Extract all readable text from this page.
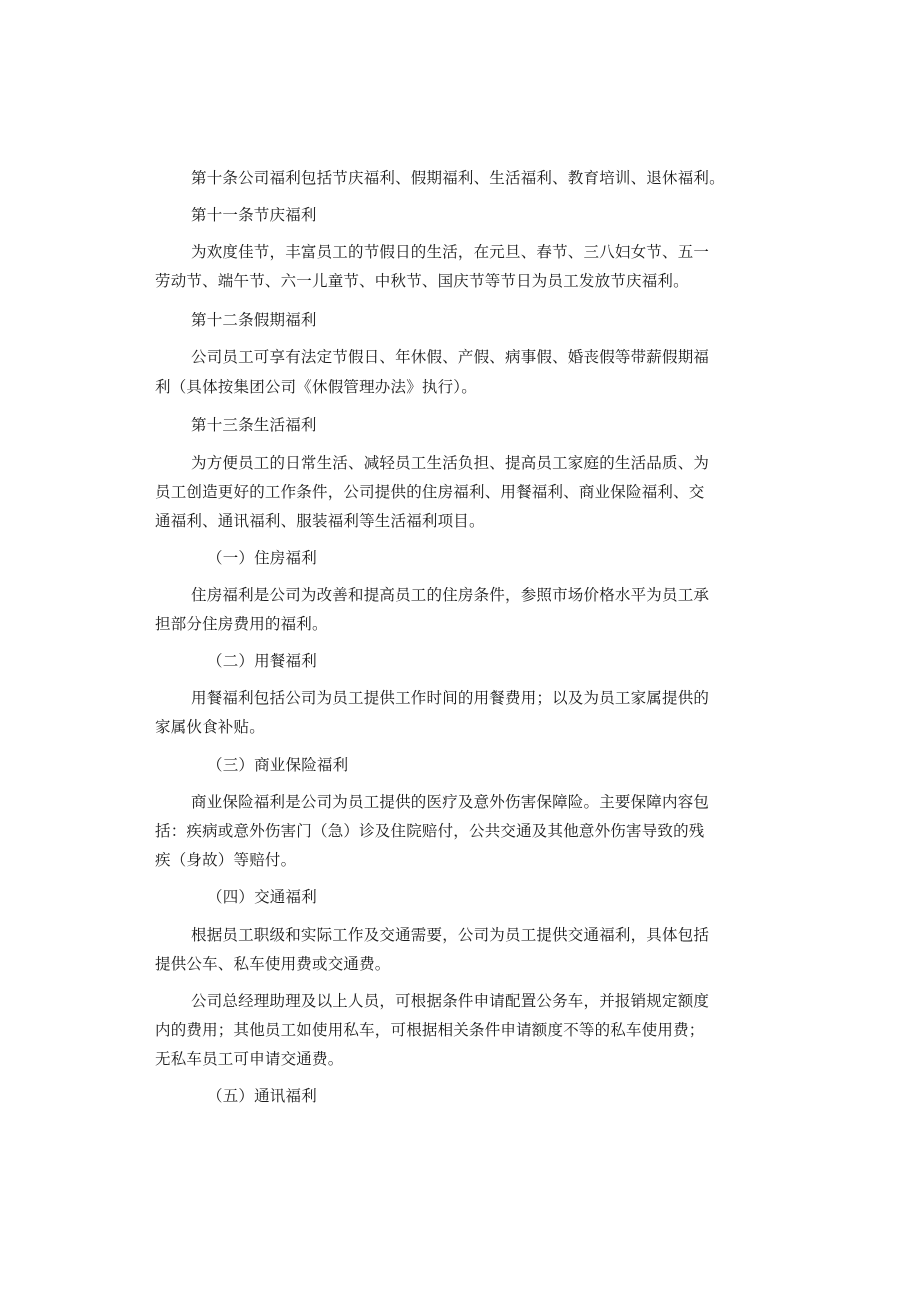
第十条公司福利包括节庆福利、假期福利、生活福利、教育培训、退休福利。
第十一条节庆福利
为欢度佳节，丰富员工的节假日的生活，在元旦、春节、三八妇女节、五一
劳动节、端午节、六一儿童节、中秋节、国庆节等节日为员工发放节庆福利。
第十二条假期福利
公司员工可享有法定节假日、年休假、产假、病事假、婚丧假等带薪假期福
利（具体按集团公司《休假管理办法》执行）。
第十三条生活福利
为方便员工的日常生活、减轻员工生活负担、提高员工家庭的生活品质、为
员工创造更好的工作条件，公司提供的住房福利、用餐福利、商业保险福利、交
通福利、通讯福利、服装福利等生活福利项目。
（一）住房福利
住房福利是公司为改善和提高员工的住房条件，参照市场价格水平为员工承
担部分住房费用的福利。
（二）用餐福利
用餐福利包括公司为员工提供工作时间的用餐费用；以及为员工家属提供的
家属伙食补贴。
（三）商业保险福利
商业保险福利是公司为员工提供的医疗及意外伤害保障险。主要保障内容包
括：疾病或意外伤害门（急）诊及住院赔付，公共交通及其他意外伤害导致的残
疾（身故）等赔付。
（四）交通福利
根据员工职级和实际工作及交通需要，公司为员工提供交通福利，具体包括
提供公车、私车使用费或交通费。
公司总经理助理及以上人员，可根据条件申请配置公务车，并报销规定额度
内的费用；其他员工如使用私车，可根据相关条件申请额度不等的私车使用费；
无私车员工可申请交通费。
（五）通讯福利
